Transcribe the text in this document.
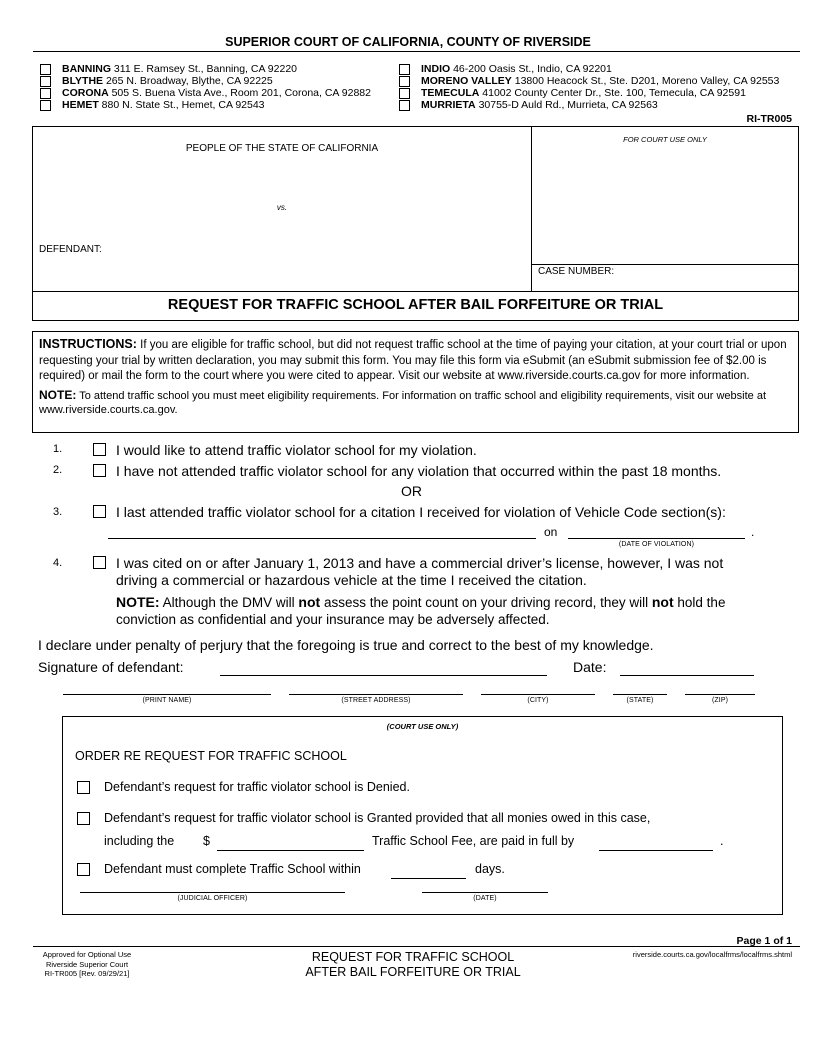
SUPERIOR COURT OF CALIFORNIA, COUNTY OF RIVERSIDE
BANNING 311 E. Ramsey St., Banning, CA 92220
BLYTHE 265 N. Broadway, Blythe, CA 92225
CORONA 505 S. Buena Vista Ave., Room 201, Corona, CA 92882
HEMET 880 N. State St., Hemet, CA 92543
INDIO 46-200 Oasis St., Indio, CA 92201
MORENO VALLEY 13800 Heacock St., Ste. D201, Moreno Valley, CA 92553
TEMECULA 41002 County Center Dr., Ste. 100, Temecula, CA 92591
MURRIETA 30755-D Auld Rd., Murrieta, CA 92563
RI-TR005
PEOPLE OF THE STATE OF CALIFORNIA
vs.
DEFENDANT:
FOR COURT USE ONLY
CASE NUMBER:
REQUEST FOR TRAFFIC SCHOOL AFTER BAIL FORFEITURE OR TRIAL
INSTRUCTIONS: If you are eligible for traffic school, but did not request traffic school at the time of paying your citation, at your court trial or upon requesting your trial by written declaration, you may submit this form. You may file this form via eSubmit (an eSubmit submission fee of $2.00 is required) or mail the form to the court where you were cited to appear. Visit our website at www.riverside.courts.ca.gov for more information.
NOTE: To attend traffic school you must meet eligibility requirements. For information on traffic school and eligibility requirements, visit our website at www.riverside.courts.ca.gov.
1.	I would like to attend traffic violator school for my violation.
2.	I have not attended traffic violator school for any violation that occurred within the past 18 months.
OR
3.	I last attended traffic violator school for a citation I received for violation of Vehicle Code section(s):
on	.
(DATE OF VIOLATION)
4.	I was cited on or after January 1, 2013 and have a commercial driver’s license, however, I was not
driving a commercial or hazardous vehicle at the time I received the citation.
NOTE: Although the DMV will not assess the point count on your driving record, they will not hold the
conviction as confidential and your insurance may be adversely affected.
I declare under penalty of perjury that the foregoing is true and correct to the best of my knowledge.
Signature of defendant:	Date:
(PRINT NAME)	(STREET ADDRESS)	(CITY)	(STATE)	(ZIP)
(COURT USE ONLY)
ORDER RE REQUEST FOR TRAFFIC SCHOOL
Defendant’s request for traffic violator school is Denied.
Defendant’s request for traffic violator school is Granted provided that all monies owed in this case,
including the $	Traffic School Fee, are paid in full by	.
Defendant must complete Traffic School within	days.
(JUDICIAL OFFICER)	(DATE)
Page 1 of 1
Approved for Optional Use
Riverside Superior Court
RI-TR005 [Rev. 09/29/21]
REQUEST FOR TRAFFIC SCHOOL
AFTER BAIL FORFEITURE OR TRIAL
riverside.courts.ca.gov/localfrms/localfrms.shtml
